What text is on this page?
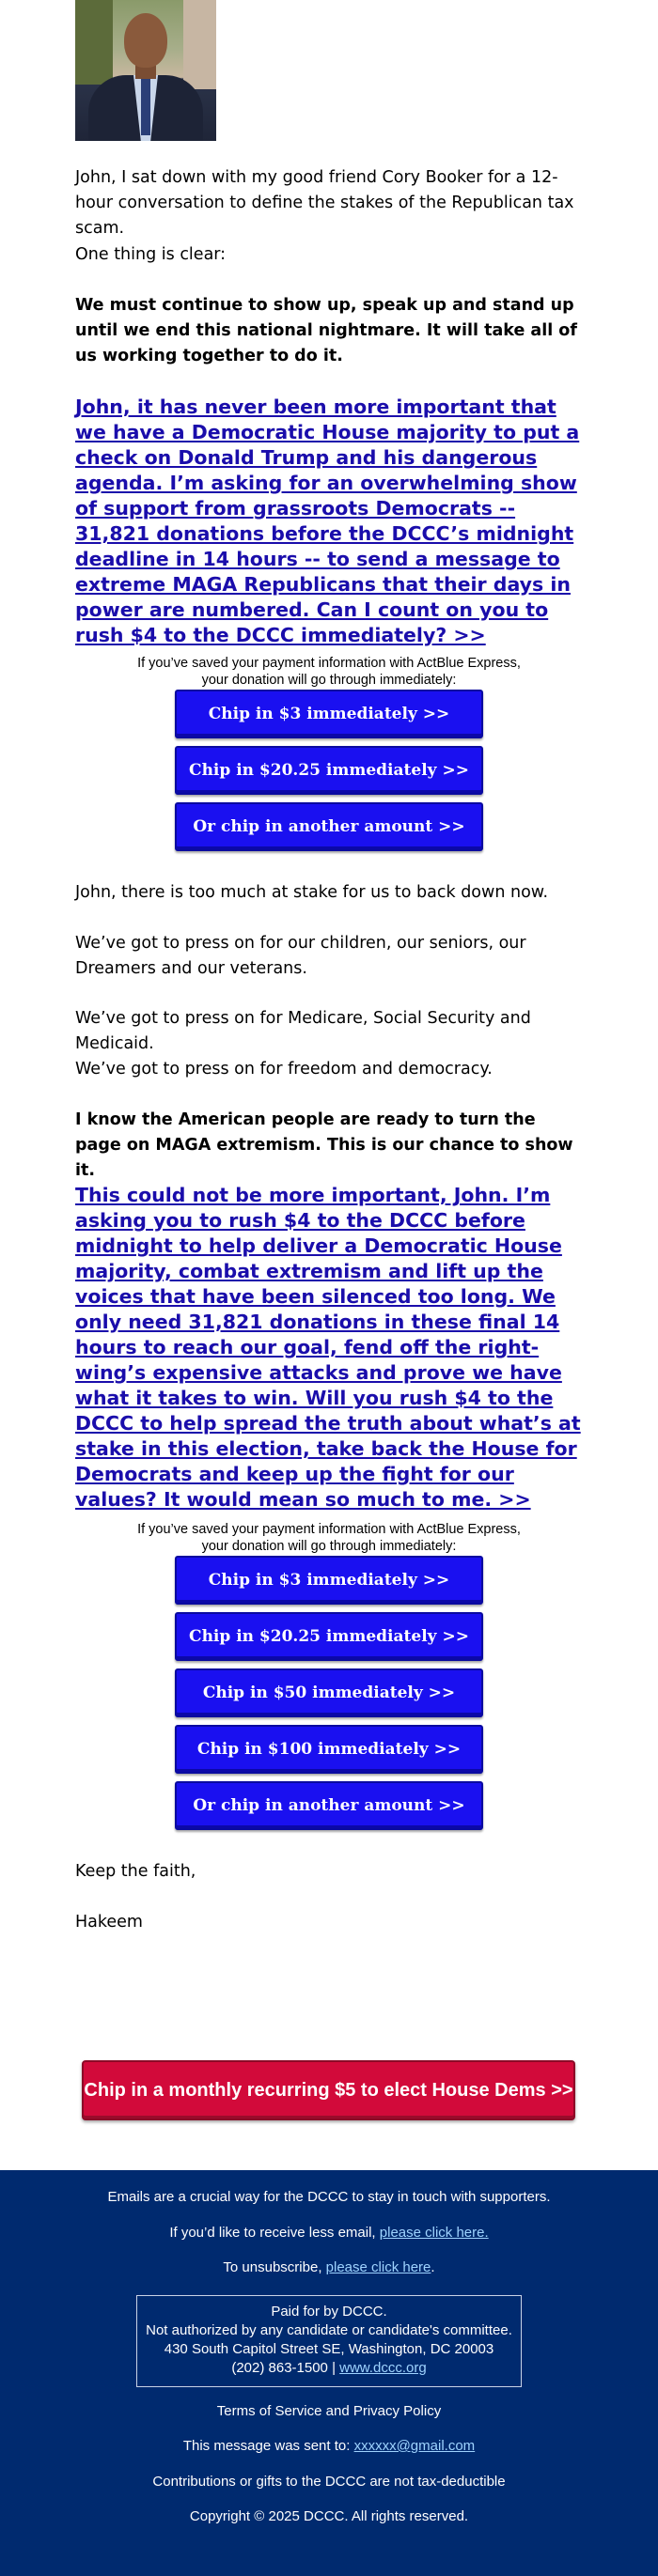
John, I sat down with my good friend Cory Booker for a 12-hour conversation to define the stakes of the Republican tax scam.
One thing is clear:
We must continue to show up, speak up and stand up until we end this national nightmare. It will take all of us working together to do it.
John, it has never been more important that we have a Democratic House majority to put a check on Donald Trump and his dangerous agenda. I’m asking for an overwhelming show of support from grassroots Democrats -- 31,821 donations before the DCCC’s midnight deadline in 14 hours -- to send a message to extreme MAGA Republicans that their days in power are numbered. Can I count on you to rush $4 to the DCCC immediately? >>
If you’ve saved your payment information with ActBlue Express,
your donation will go through immediately:
Chip in $3 immediately >>
Chip in $20.25 immediately >>
Or chip in another amount >>
John, there is too much at stake for us to back down now.
We’ve got to press on for our children, our seniors, our Dreamers and our veterans.
We’ve got to press on for Medicare, Social Security and Medicaid.
We’ve got to press on for freedom and democracy.
I know the American people are ready to turn the page on MAGA extremism. This is our chance to show it.
This could not be more important, John. I’m asking you to rush $4 to the DCCC before midnight to help deliver a Democratic House majority, combat extremism and lift up the voices that have been silenced too long. We only need 31,821 donations in these final 14 hours to reach our goal, fend off the right-wing’s expensive attacks and prove we have what it takes to win. Will you rush $4 to the DCCC to help spread the truth about what’s at stake in this election, take back the House for Democrats and keep up the fight for our values? It would mean so much to me. >>
If you’ve saved your payment information with ActBlue Express,
your donation will go through immediately:
Chip in $3 immediately >>
Chip in $20.25 immediately >>
Chip in $50 immediately >>
Chip in $100 immediately >>
Or chip in another amount >>
Keep the faith,
Hakeem
Chip in a monthly recurring $5 to elect House Dems >>
Emails are a crucial way for the DCCC to stay in touch with supporters.
If you’d like to receive less email, please click here.
To unsubscribe, please click here.
Paid for by DCCC.
Not authorized by any candidate or candidate's committee.
430 South Capitol Street SE, Washington, DC 20003
(202) 863-1500 | www.dccc.org
Terms of Service and Privacy Policy
This message was sent to: xxxxxx@gmail.com
Contributions or gifts to the DCCC are not tax-deductible
Copyright © 2025 DCCC. All rights reserved.
